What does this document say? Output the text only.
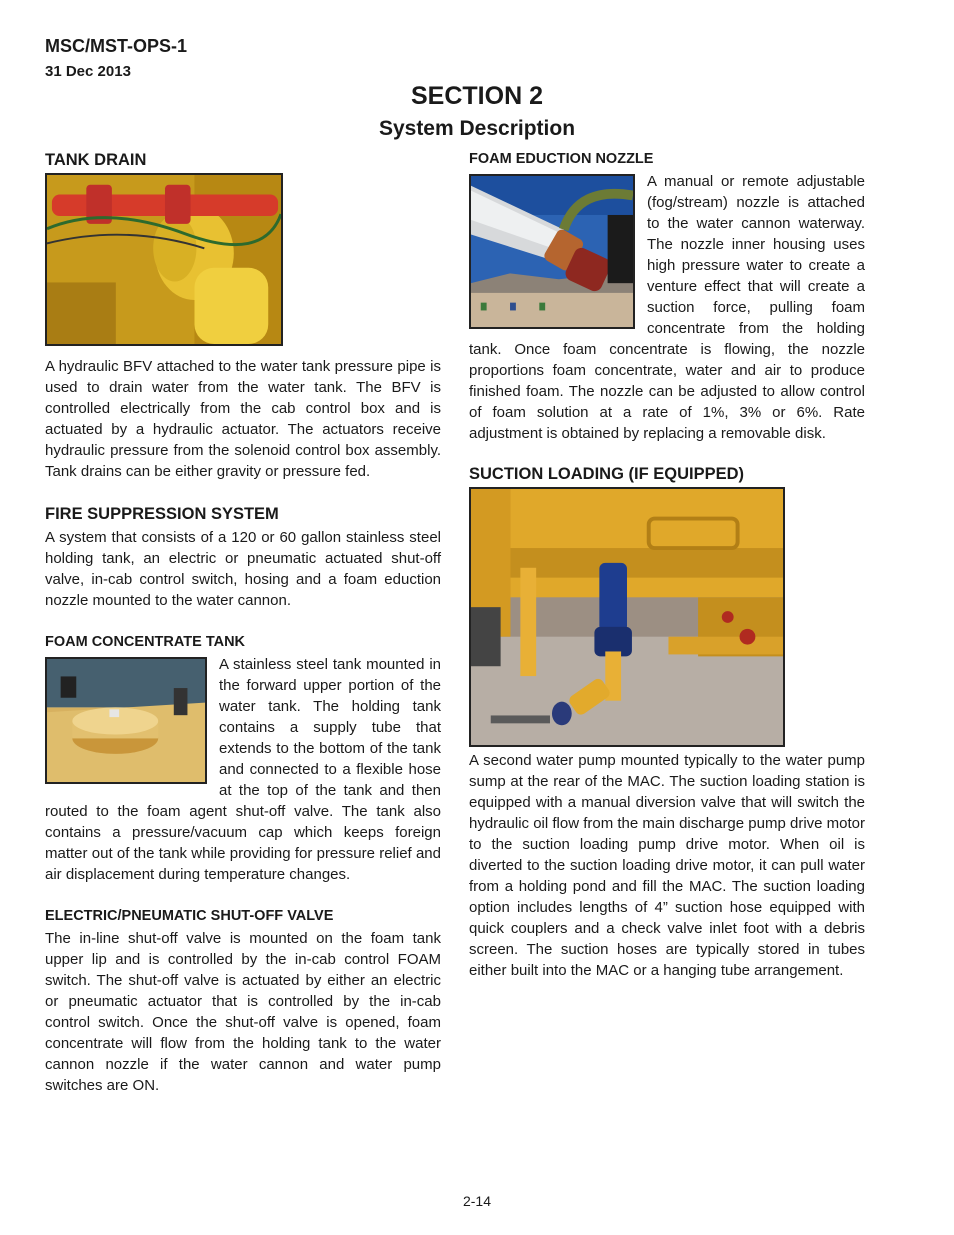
MSC/MST-OPS-1
31 Dec 2013
SECTION 2
System Description
TANK DRAIN

A hydraulic BFV attached to the water tank pressure pipe is used to drain water from the water tank. The BFV is controlled electrically from the cab control box and is actuated by a hydraulic actuator. The actuators receive hydraulic pressure from the solenoid control box assembly. Tank drains can be either gravity or pressure fed.

FIRE SUPPRESSION SYSTEM

A system that consists of a 120 or 60 gallon stainless steel holding tank, an electric or pneumatic actuated shut-off valve, in-cab control switch, hosing and a foam eduction nozzle mounted to the water cannon.

FOAM CONCENTRATE TANK

A stainless steel tank mounted in the forward upper portion of the water tank. The holding tank contains a supply tube that extends to the bottom of the tank and connected to a flexible hose at the top of the tank and then routed to the foam agent shut-off valve. The tank also contains a pressure/vacuum cap which keeps foreign matter out of the tank while providing for pressure relief and air displacement during temperature changes.

ELECTRIC/PNEUMATIC SHUT-OFF VALVE

The in-line shut-off valve is mounted on the foam tank upper lip and is controlled by the in-cab control FOAM switch. The shut-off valve is actuated by either an electric or pneumatic actuator that is controlled by the in-cab control switch. Once the shut-off valve is opened, foam concentrate will flow from the holding tank to the water cannon nozzle if the water cannon and water pump switches are ON.

FOAM EDUCTION NOZZLE

A manual or remote adjustable (fog/stream) nozzle is attached to the water cannon waterway. The nozzle inner housing uses high pressure water to create a venture effect that will create a suction force, pulling foam concentrate from the holding tank. Once foam concentrate is flowing, the nozzle proportions foam concentrate, water and air to produce finished foam. The nozzle can be adjusted to allow control of foam solution at a rate of 1%, 3% or 6%. Rate adjustment is obtained by replacing a removable disk.

SUCTION LOADING (IF EQUIPPED)

A second water pump mounted typically to the water pump sump at the rear of the MAC. The suction loading station is equipped with a manual diversion valve that will switch the hydraulic oil flow from the main discharge pump drive motor to the suction loading pump drive motor. When oil is diverted to the suction loading drive motor, it can pull water from a holding pond and fill the MAC. The suction loading option includes lengths of 4” suction hose equipped with quick couplers and a check valve inlet foot with a debris screen. The suction hoses are typically stored in tubes either built into the MAC or a hanging tube arrangement.

2-14
